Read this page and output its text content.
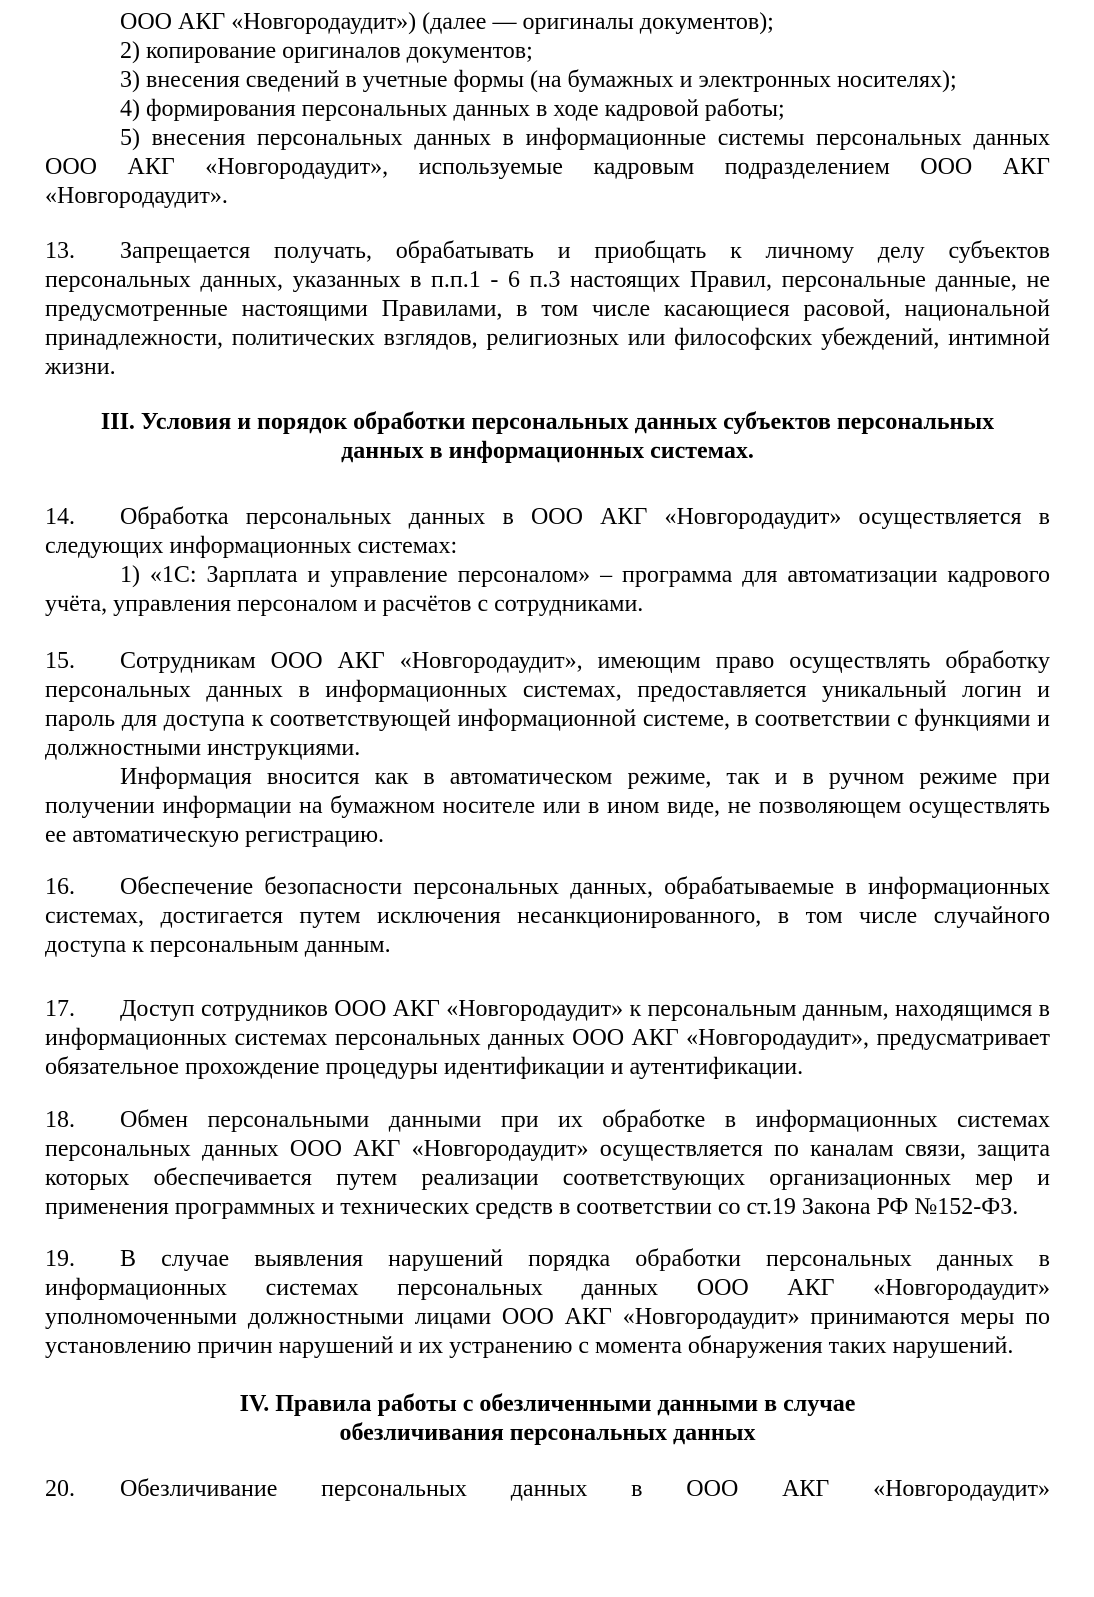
ООО АКГ «Новгородаудит») (далее — оригиналы документов);

2) копирование оригиналов документов;

3) внесения сведений в учетные формы (на бумажных и электронных носителях);

4) формирования персональных данных в ходе кадровой работы;

5) внесения персональных данных в информационные системы персональных данных ООО АКГ «Новгородаудит», используемые кадровым подразделением ООО АКГ «Новгородаудит».

13. Запрещается получать, обрабатывать и приобщать к личному делу субъектов персональных данных, указанных в п.п.1 - 6 п.3 настоящих Правил, персональные данные, не предусмотренные настоящими Правилами, в том числе касающиеся расовой, национальной принадлежности, политических взглядов, религиозных или философских убеждений, интимной жизни.

III. Условия и порядок обработки персональных данных субъектов персональных
данных в информационных системах.

14. Обработка персональных данных в ООО АКГ «Новгородаудит» осуществляется в следующих информационных системах:

1) «1С: Зарплата и управление персоналом» – программа для автоматизации кадрового учёта, управления персоналом и расчётов с сотрудниками.

15. Сотрудникам ООО АКГ «Новгородаудит», имеющим право осуществлять обработку персональных данных в информационных системах, предоставляется уникальный логин и пароль для доступа к соответствующей информационной системе, в соответствии с функциями и должностными инструкциями.

Информация вносится как в автоматическом режиме, так и в ручном режиме при получении информации на бумажном носителе или в ином виде, не позволяющем осуществлять ее автоматическую регистрацию.

16. Обеспечение безопасности персональных данных, обрабатываемые в информационных системах, достигается путем исключения несанкционированного, в том числе случайного доступа к персональным данным.

17. Доступ сотрудников ООО АКГ «Новгородаудит» к персональным данным, находящимся в информационных системах персональных данных ООО АКГ «Новгородаудит», предусматривает обязательное прохождение процедуры идентификации и аутентификации.

18. Обмен персональными данными при их обработке в информационных системах персональных данных ООО АКГ «Новгородаудит» осуществляется по каналам связи, защита которых обеспечивается путем реализации соответствующих организационных мер и применения программных и технических средств в соответствии со ст.19 Закона РФ №152-ФЗ.

19. В случае выявления нарушений порядка обработки персональных данных в информационных системах персональных данных ООО АКГ «Новгородаудит» уполномоченными должностными лицами ООО АКГ «Новгородаудит» принимаются меры по установлению причин нарушений и их устранению с момента обнаружения таких нарушений.

IV. Правила работы с обезличенными данными в случае
обезличивания персональных данных

20. Обезличивание персональных данных в ООО АКГ «Новгородаудит»
